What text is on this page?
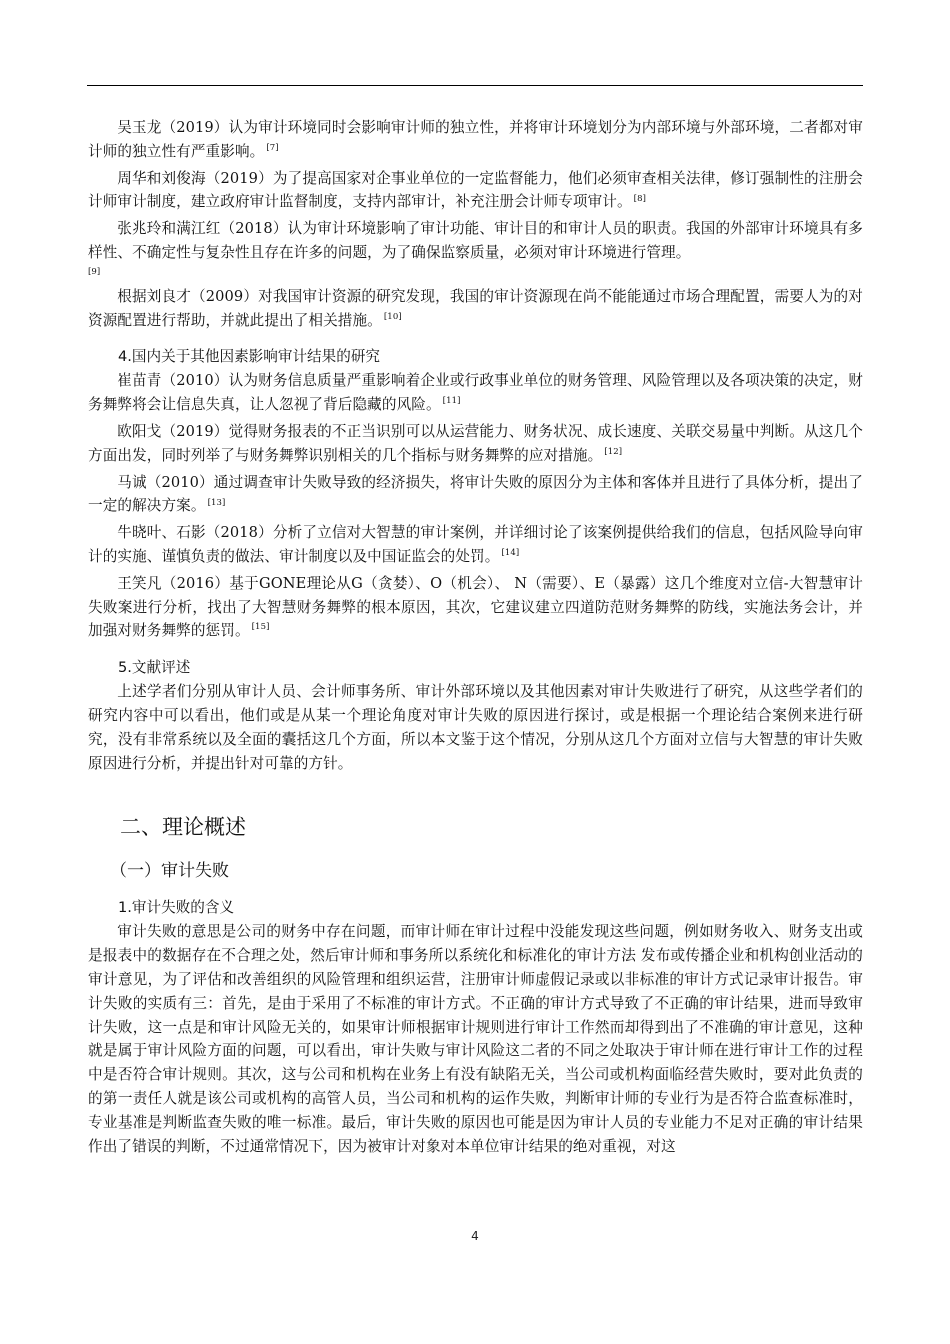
吴玉龙（2019）认为审计环境同时会影响审计师的独立性，并将审计环境划分为内部环境与外部环境，二者都对审计师的独立性有严重影响。 [7]

周华和刘俊海（2019）为了提高国家对企事业单位的一定监督能力，他们必须审查相关法律，修订强制性的注册会计师审计制度，建立政府审计监督制度，支持内部审计，补充注册会计师专项审计。 [8]

张兆玲和满江红（2018）认为审计环境影响了审计功能、审计目的和审计人员的职责。我国的外部审计环境具有多样性、不确定性与复杂性且存在许多的问题，为了确保监察质量，必须对审计环境进行管理。
[9]

根据刘良才（2009）对我国审计资源的研究发现，我国的审计资源现在尚不能能通过市场合理配置，需要人为的对资源配置进行帮助，并就此提出了相关措施。 [10]

4.国内关于其他因素影响审计结果的研究

崔苗青（2010）认为财务信息质量严重影响着企业或行政事业单位的财务管理、风险管理以及各项决策的决定，财务舞弊将会让信息失真，让人忽视了背后隐藏的风险。 [11]

欧阳戈（2019）觉得财务报表的不正当识别可以从运营能力、财务状况、成长速度、关联交易量中判断。从这几个方面出发，同时列举了与财务舞弊识别相关的几个指标与财务舞弊的应对措施。 [12]

马诚（2010）通过调查审计失败导致的经济损失，将审计失败的原因分为主体和客体并且进行了具体分析，提出了一定的解决方案。 [13]

牛晓叶、石影（2018）分析了立信对大智慧的审计案例，并详细讨论了该案例提供给我们的信息，包括风险导向审计的实施、谨慎负责的做法、审计制度以及中国证监会的处罚。 [14]

王笑凡（2016）基于GONE理论从G（贪婪）、O（机会）、 N（需要）、E（暴露）这几个维度对立信-大智慧审计失败案进行分析，找出了大智慧财务舞弊的根本原因，其次，它建议建立四道防范财务舞弊的防线，实施法务会计，并加强对财务舞弊的惩罚。 [15]

5.文献评述

上述学者们分别从审计人员、会计师事务所、审计外部环境以及其他因素对审计失败进行了研究，从这些学者们的研究内容中可以看出，他们或是从某一个理论角度对审计失败的原因进行探讨，或是根据一个理论结合案例来进行研究，没有非常系统以及全面的囊括这几个方面，所以本文鉴于这个情况，分别从这几个方面对立信与大智慧的审计失败原因进行分析，并提出针对可靠的方针。

二、理论概述
（一）审计失败
1.审计失败的含义

审计失败的意思是公司的财务中存在问题，而审计师在审计过程中没能发现这些问题，例如财务收入、财务支出或是报表中的数据存在不合理之处，然后审计师和事务所以系统化和标准化的审计方法 发布或传播企业和机构创业活动的审计意见，为了评估和改善组织的风险管理和组织运营，注册审计师虚假记录或以非标准的审计方式记录审计报告。审计失败的实质有三：首先，是由于采用了不标准的审计方式。不正确的审计方式导致了不正确的审计结果，进而导致审计失败，这一点是和审计风险无关的，如果审计师根据审计规则进行审计工作然而却得到出了不准确的审计意见，这种就是属于审计风险方面的问题，可以看出，审计失败与审计风险这二者的不同之处取决于审计师在进行审计工作的过程中是否符合审计规则。其次，这与公司和机构在业务上有没有缺陷无关，当公司或机构面临经营失败时，要对此负责的的第一责任人就是该公司或机构的高管人员，当公司和机构的运作失败，判断审计师的专业行为是否符合监查标准时，专业基准是判断监查失败的唯一标准。最后，审计失败的原因也可能是因为审计人员的专业能力不足对正确的审计结果作出了错误的判断，不过通常情况下，因为被审计对象对本单位审计结果的绝对重视，对这

4
